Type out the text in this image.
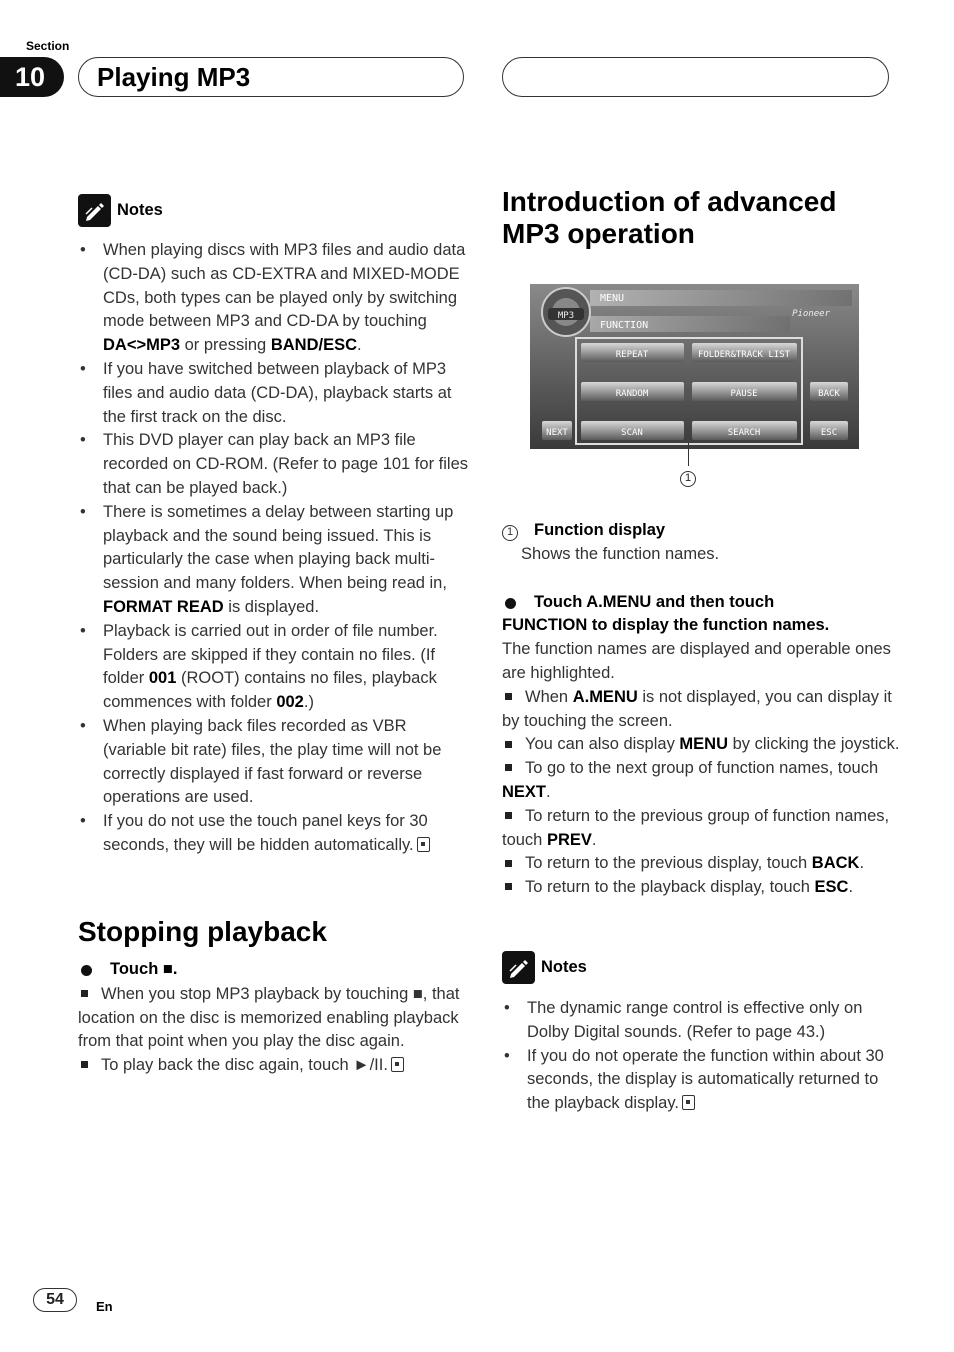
Section
10	Playing MP3
Notes
• When playing discs with MP3 files and audio data (CD-DA) such as CD-EXTRA and MIXED-MODE CDs, both types can be played only by switching mode between MP3 and CD-DA by touching DA<>MP3 or pressing BAND/ESC.
• If you have switched between playback of MP3 files and audio data (CD-DA), playback starts at the first track on the disc.
• This DVD player can play back an MP3 file recorded on CD-ROM. (Refer to page 101 for files that can be played back.)
• There is sometimes a delay between starting up playback and the sound being issued. This is particularly the case when playing back multi-session and many folders. When being read in, FORMAT READ is displayed.
• Playback is carried out in order of file number. Folders are skipped if they contain no files. (If folder 001 (ROOT) contains no files, playback commences with folder 002.)
• When playing back files recorded as VBR (variable bit rate) files, the play time will not be correctly displayed if fast forward or reverse operations are used.
• If you do not use the touch panel keys for 30 seconds, they will be hidden automatically.
Stopping playback
Touch ■.
When you stop MP3 playback by touching ■, that location on the disc is memorized enabling playback from that point when you play the disc again.
To play back the disc again, touch ►/II.
Introduction of advanced
MP3 operation
MP3
MENU
FUNCTION
Pioneer
REPEAT	FOLDER&TRACK LIST
RANDOM	PAUSE
SCAN	SEARCH
BACK
NEXT	ESC
1
1 Function display
Shows the function names.
Touch A.MENU and then touch
FUNCTION to display the function names.
The function names are displayed and operable ones are highlighted.
When A.MENU is not displayed, you can display it by touching the screen.
You can also display MENU by clicking the joystick.
To go to the next group of function names, touch NEXT.
To return to the previous group of function names, touch PREV.
To return to the previous display, touch BACK.
To return to the playback display, touch ESC.
Notes
• The dynamic range control is effective only on Dolby Digital sounds. (Refer to page 43.)
• If you do not operate the function within about 30 seconds, the display is automatically returned to the playback display.
54	En
